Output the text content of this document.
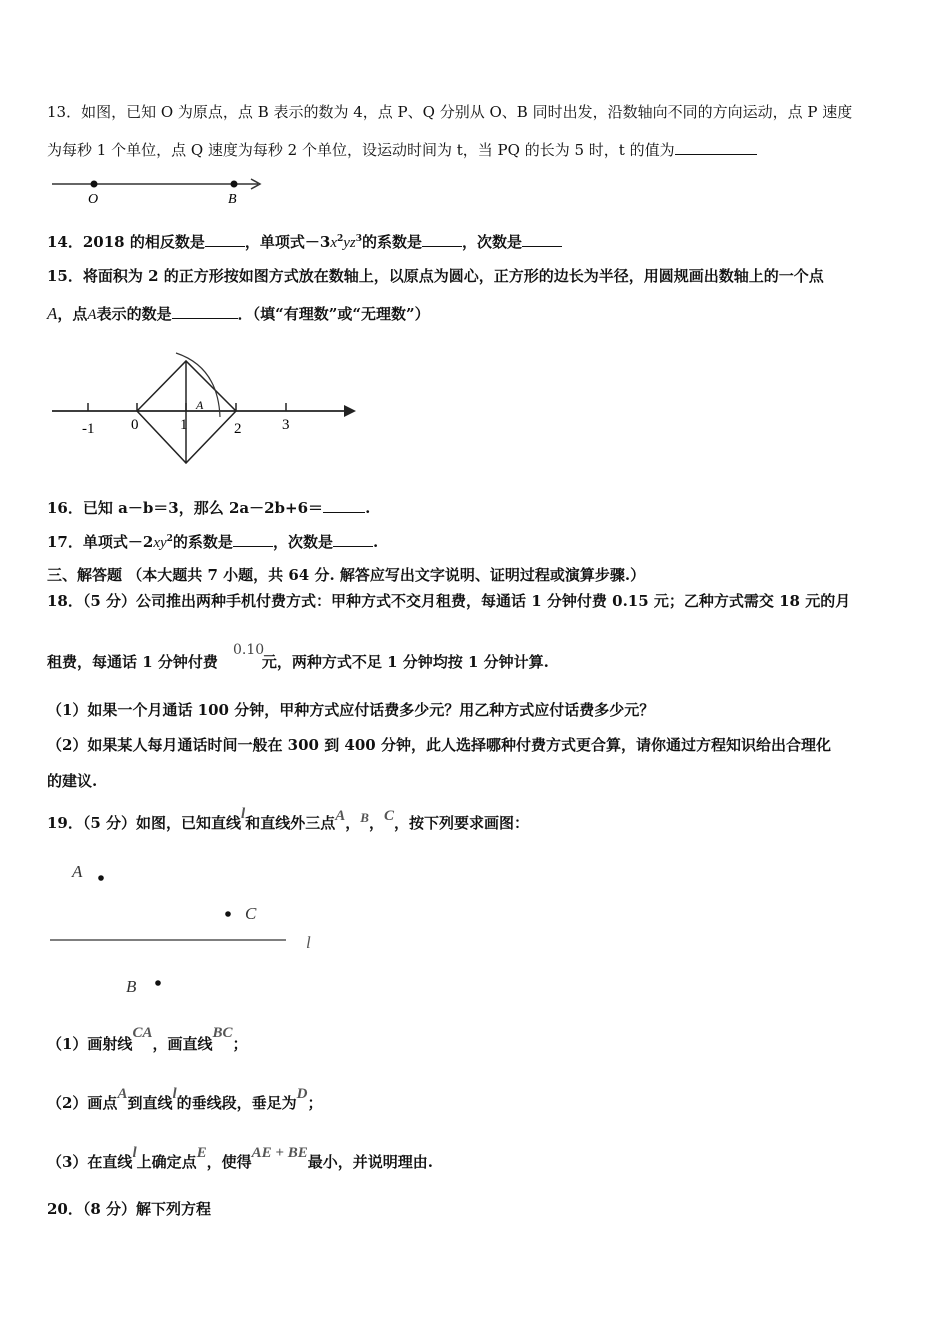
13．如图，已知 O 为原点，点 B 表示的数为 4，点 P、Q 分别从 O、B 同时出发，沿数轴向不同的方向运动，点 P 速度
为每秒 1 个单位，点 Q 速度为每秒 2 个单位，设运动时间为 t，当 PQ 的长为 5 时，t 的值为
O	B
14．2018 的相反数是	，单项式$-3x^2yz^3$的系数是	，次数是
15．将面积为 2 的正方形按如图方式放在数轴上，以原点为圆心，正方形的边长为半径，用圆规画出数轴上的一个点
A，点A表示的数是	．（填“有理数”或“无理数”）
-1 0	1	2	3
A
16．已知 a－b＝3，那么 2a－2b+6＝	.
17．单项式$-2xy^2$的系数是	，次数是	.
三、解答题 （本大题共 7 小题，共 64 分. 解答应写出文字说明、证明过程或演算步骤.）
18．（5 分）公司推出两种手机付费方式：甲种方式不交月租费，每通话 1 分钟付费 0.15 元；乙种方式需交 18 元的月
0.10
租费，每通话 1 分钟付费	元，两种方式不足 1 分钟均按 1 分钟计算.
（1）如果一个月通话 100 分钟，甲种方式应付话费多少元？用乙种方式应付话费多少元？
（2）如果某人每月通话时间一般在 300 到 400 分钟，此人选择哪种付费方式更合算，请你通过方程知识给出合理化
的建议.
19．（5 分）如图，已知直线l和直线外三点A，B，C，按下列要求画图：
A
C
l
B
（1）画射线CA，画直线BC；
（2）画点A到直线l的垂线段，垂足为D；
（3）在直线l上确定点E，使得AE + BE最小，并说明理由.
20．（8 分）解下列方程
